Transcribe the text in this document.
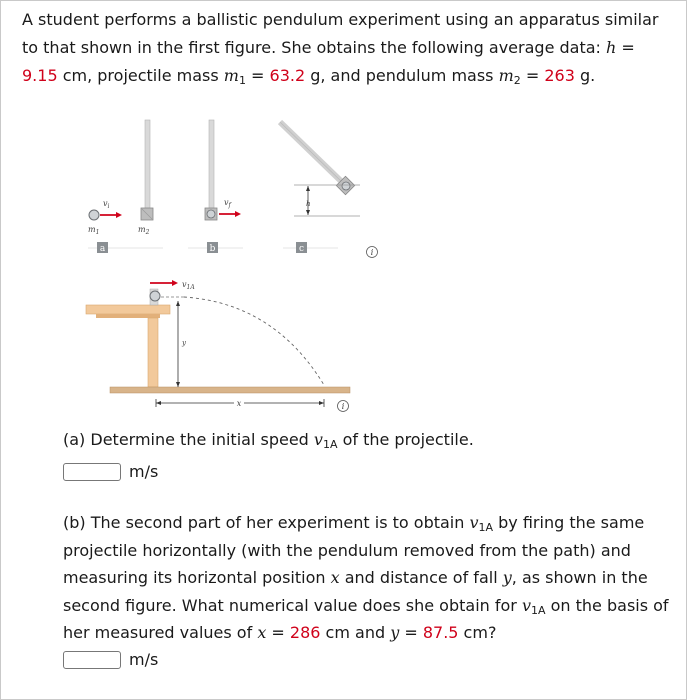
A student performs a ballistic pendulum experiment using an apparatus similar to that shown in the first figure. She obtains the following average data: h = 9.15 cm, projectile mass $m_1 = 63.2$ g, and pendulum mass $m_2 = 263$ g.
$v_i$
$m_1$	$m_2$
a
$v_f$
b
h
c	i
$v_{1A}$
y
x	i
(a) Determine the initial speed $v_{1A}$ of the projectile.
m/s
(b) The second part of her experiment is to obtain $v_{1A}$ by firing the same projectile horizontally (with the pendulum removed from the path) and measuring its horizontal position x and distance of fall y, as shown in the second figure. What numerical value does she obtain for $v_{1A}$ on the basis of her measured values of x = 286 cm and y = 87.5 cm?
m/s
